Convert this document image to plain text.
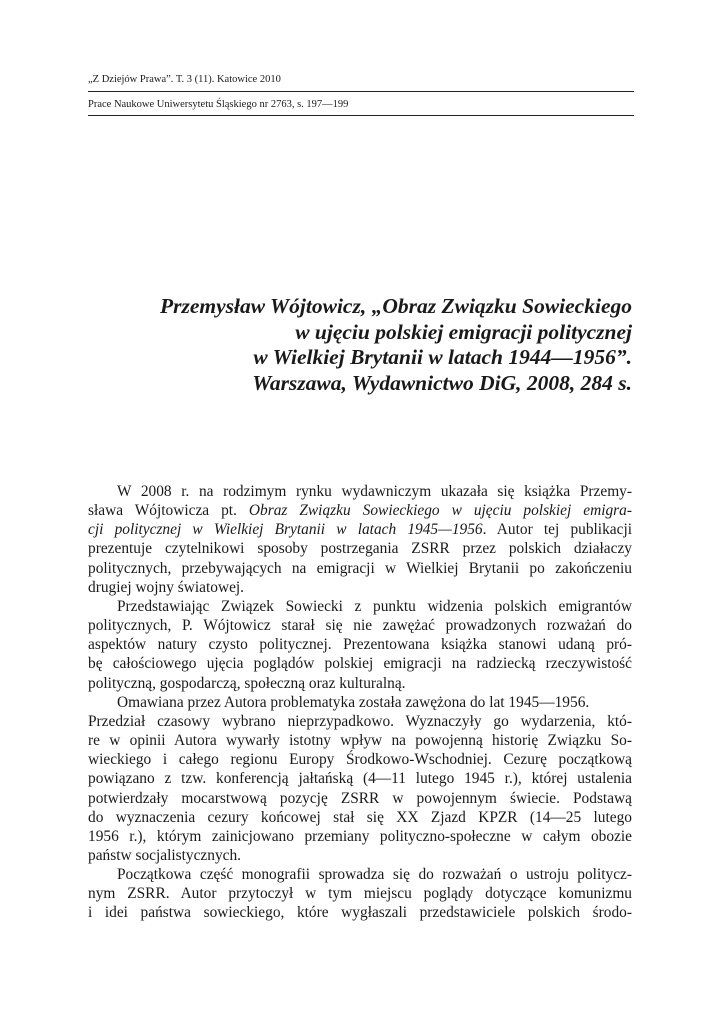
„Z Dziejów Prawa”. T. 3 (11). Katowice 2010
Prace Naukowe Uniwersytetu Śląskiego nr 2763, s. 197—199
Przemysław Wójtowicz, „Obraz Związku Sowieckiego
w ujęciu polskiej emigracji politycznej
w Wielkiej Brytanii w latach 1944—1956”.
Warszawa, Wydawnictwo DiG, 2008, 284 s.
W 2008 r. na rodzimym rynku wydawniczym ukazała się książka Przemy-
sława Wójtowicza pt. Obraz Związku Sowieckiego w ujęciu polskiej emigra-
cji politycznej w Wielkiej Brytanii w latach 1945—1956. Autor tej publikacji
prezentuje czytelnikowi sposoby postrzegania ZSRR przez polskich działaczy
politycznych, przebywających na emigracji w Wielkiej Brytanii po zakończeniu
drugiej wojny światowej.
Przedstawiając Związek Sowiecki z punktu widzenia polskich emigrantów
politycznych, P. Wójtowicz starał się nie zawężać prowadzonych rozważań do
aspektów natury czysto politycznej. Prezentowana książka stanowi udaną pró-
bę całościowego ujęcia poglądów polskiej emigracji na radziecką rzeczywistość
polityczną, gospodarczą, społeczną oraz kulturalną.
Omawiana przez Autora problematyka została zawężona do lat 1945—1956.
Przedział czasowy wybrano nieprzypadkowo. Wyznaczyły go wydarzenia, któ-
re w opinii Autora wywarły istotny wpływ na powojenną historię Związku So-
wieckiego i całego regionu Europy Środkowo-Wschodniej. Cezurę początkową
powiązano z tzw. konferencją jałtańską (4—11 lutego 1945 r.), której ustalenia
potwierdzały mocarstwową pozycję ZSRR w powojennym świecie. Podstawą
do wyznaczenia cezury końcowej stał się XX Zjazd KPZR (14—25 lutego
1956 r.), którym zainicjowano przemiany polityczno-społeczne w całym obozie
państw socjalistycznych.
Początkowa część monografii sprowadza się do rozważań o ustroju politycz-
nym ZSRR. Autor przytoczył w tym miejscu poglądy dotyczące komunizmu
i idei państwa sowieckiego, które wygłaszali przedstawiciele polskich środo-
